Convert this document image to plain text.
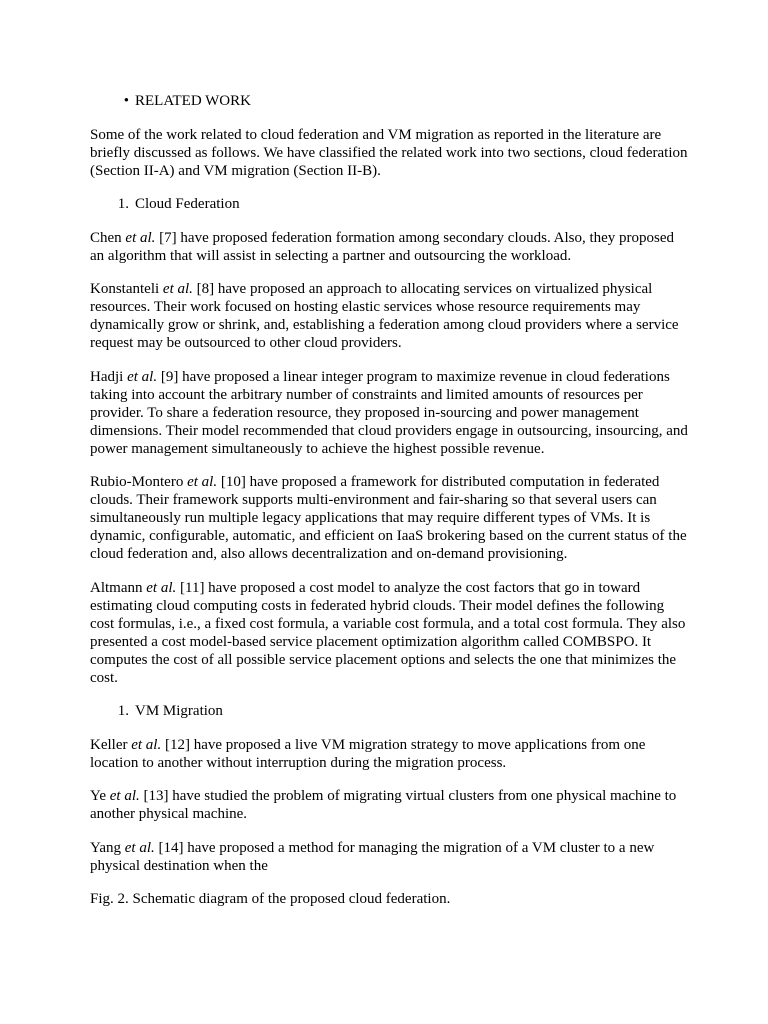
• RELATED WORK

Some of the work related to cloud federation and VM migration as reported in the literature are briefly discussed as follows. We have classified the related work into two sections, cloud federation (Section II-A) and VM migration (Section II-B).

1. Cloud Federation

Chen et al. [7] have proposed federation formation among secondary clouds. Also, they proposed an algorithm that will assist in selecting a partner and outsourcing the workload.

Konstanteli et al. [8] have proposed an approach to allocating services on virtualized physical resources. Their work focused on hosting elastic services whose resource requirements may dynamically grow or shrink, and, establishing a federation among cloud providers where a service request may be outsourced to other cloud providers.

Hadji et al. [9] have proposed a linear integer program to maximize revenue in cloud federations taking into account the arbitrary number of constraints and limited amounts of resources per provider. To share a federation resource, they proposed in-sourcing and power management dimensions. Their model recommended that cloud providers engage in outsourcing, insourcing, and power management simultaneously to achieve the highest possible revenue.

Rubio-Montero et al. [10] have proposed a framework for distributed computation in federated clouds. Their framework supports multi-environment and fair-sharing so that several users can simultaneously run multiple legacy applications that may require different types of VMs. It is dynamic, configurable, automatic, and efficient on IaaS brokering based on the current status of the cloud federation and, also allows decentralization and on-demand provisioning.

Altmann et al. [11] have proposed a cost model to analyze the cost factors that go in toward estimating cloud computing costs in federated hybrid clouds. Their model defines the following cost formulas, i.e., a fixed cost formula, a variable cost formula, and a total cost formula. They also presented a cost model-based service placement optimization algorithm called COMBSPO. It computes the cost of all possible service placement options and selects the one that minimizes the cost.

1. VM Migration

Keller et al. [12] have proposed a live VM migration strategy to move applications from one location to another without interruption during the migration process.

Ye et al. [13] have studied the problem of migrating virtual clusters from one physical machine to another physical machine.

Yang et al. [14] have proposed a method for managing the migration of a VM cluster to a new physical destination when the

Fig. 2. Schematic diagram of the proposed cloud federation.
